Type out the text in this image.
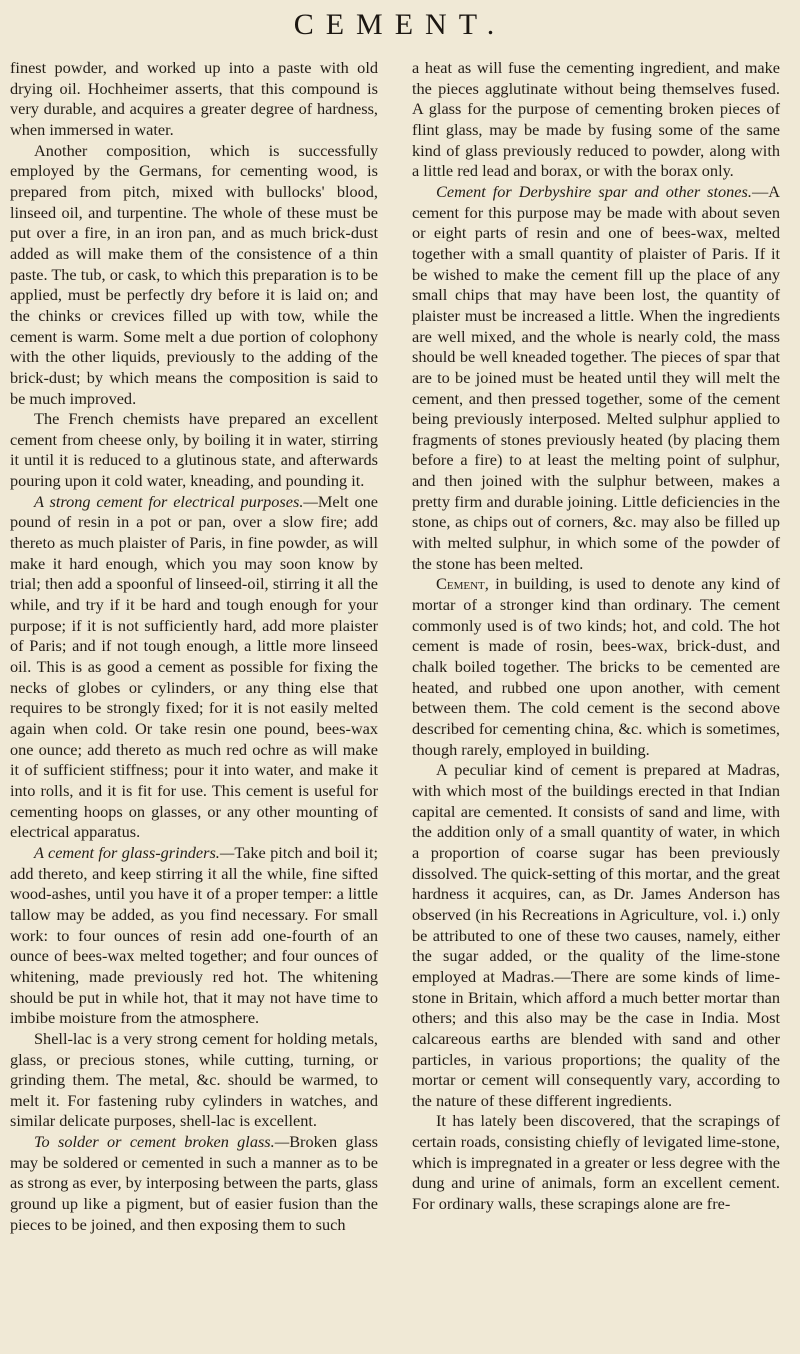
CEMENT.

finest powder, and worked up into a paste with old drying oil. Hochheimer asserts, that this compound is very durable, and acquires a greater degree of hardness, when immersed in water.

Another composition, which is successfully employed by the Germans, for cementing wood, is prepared from pitch, mixed with bullocks' blood, linseed oil, and turpentine. The whole of these must be put over a fire, in an iron pan, and as much brick-dust added as will make them of the consistence of a thin paste. The tub, or cask, to which this preparation is to be applied, must be perfectly dry before it is laid on; and the chinks or crevices filled up with tow, while the cement is warm. Some melt a due portion of colophony with the other liquids, previously to the adding of the brick-dust; by which means the composition is said to be much improved.

The French chemists have prepared an excellent cement from cheese only, by boiling it in water, stirring it until it is reduced to a glutinous state, and afterwards pouring upon it cold water, kneading, and pounding it.

A strong cement for electrical purposes.—Melt one pound of resin in a pot or pan, over a slow fire; add thereto as much plaister of Paris, in fine powder, as will make it hard enough, which you may soon know by trial; then add a spoonful of linseed-oil, stirring it all the while, and try if it be hard and tough enough for your purpose; if it is not sufficiently hard, add more plaister of Paris; and if not tough enough, a little more linseed oil. This is as good a cement as possible for fixing the necks of globes or cylinders, or any thing else that requires to be strongly fixed; for it is not easily melted again when cold. Or take resin one pound, bees-wax one ounce; add thereto as much red ochre as will make it of sufficient stiffness; pour it into water, and make it into rolls, and it is fit for use. This cement is useful for cementing hoops on glasses, or any other mounting of electrical apparatus.

A cement for glass-grinders.—Take pitch and boil it; add thereto, and keep stirring it all the while, fine sifted wood-ashes, until you have it of a proper temper: a little tallow may be added, as you find necessary. For small work: to four ounces of resin add one-fourth of an ounce of bees-wax melted together; and four ounces of whitening, made previously red hot. The whitening should be put in while hot, that it may not have time to imbibe moisture from the atmosphere.

Shell-lac is a very strong cement for holding metals, glass, or precious stones, while cutting, turning, or grinding them. The metal, &c. should be warmed, to melt it. For fastening ruby cylinders in watches, and similar delicate purposes, shell-lac is excellent.

To solder or cement broken glass.—Broken glass may be soldered or cemented in such a manner as to be as strong as ever, by interposing between the parts, glass ground up like a pigment, but of easier fusion than the pieces to be joined, and then exposing them to such

a heat as will fuse the cementing ingredient, and make the pieces agglutinate without being themselves fused. A glass for the purpose of cementing broken pieces of flint glass, may be made by fusing some of the same kind of glass previously reduced to powder, along with a little red lead and borax, or with the borax only.

Cement for Derbyshire spar and other stones.—A cement for this purpose may be made with about seven or eight parts of resin and one of bees-wax, melted together with a small quantity of plaister of Paris. If it be wished to make the cement fill up the place of any small chips that may have been lost, the quantity of plaister must be increased a little. When the ingredients are well mixed, and the whole is nearly cold, the mass should be well kneaded together. The pieces of spar that are to be joined must be heated until they will melt the cement, and then pressed together, some of the cement being previously interposed. Melted sulphur applied to fragments of stones previously heated (by placing them before a fire) to at least the melting point of sulphur, and then joined with the sulphur between, makes a pretty firm and durable joining. Little deficiencies in the stone, as chips out of corners, &c. may also be filled up with melted sulphur, in which some of the powder of the stone has been melted.

Cement, in building, is used to denote any kind of mortar of a stronger kind than ordinary. The cement commonly used is of two kinds; hot, and cold. The hot cement is made of rosin, bees-wax, brick-dust, and chalk boiled together. The bricks to be cemented are heated, and rubbed one upon another, with cement between them. The cold cement is the second above described for cementing china, &c. which is sometimes, though rarely, employed in building.

A peculiar kind of cement is prepared at Madras, with which most of the buildings erected in that Indian capital are cemented. It consists of sand and lime, with the addition only of a small quantity of water, in which a proportion of coarse sugar has been previously dissolved. The quick-setting of this mortar, and the great hardness it acquires, can, as Dr. James Anderson has observed (in his Recreations in Agriculture, vol. i.) only be attributed to one of these two causes, namely, either the sugar added, or the quality of the lime-stone employed at Madras.—There are some kinds of lime-stone in Britain, which afford a much better mortar than others; and this also may be the case in India. Most calcareous earths are blended with sand and other particles, in various proportions; the quality of the mortar or cement will consequently vary, according to the nature of these different ingredients.

It has lately been discovered, that the scrapings of certain roads, consisting chiefly of levigated lime-stone, which is impregnated in a greater or less degree with the dung and urine of animals, form an excellent cement. For ordinary walls, these scrapings alone are fre-
